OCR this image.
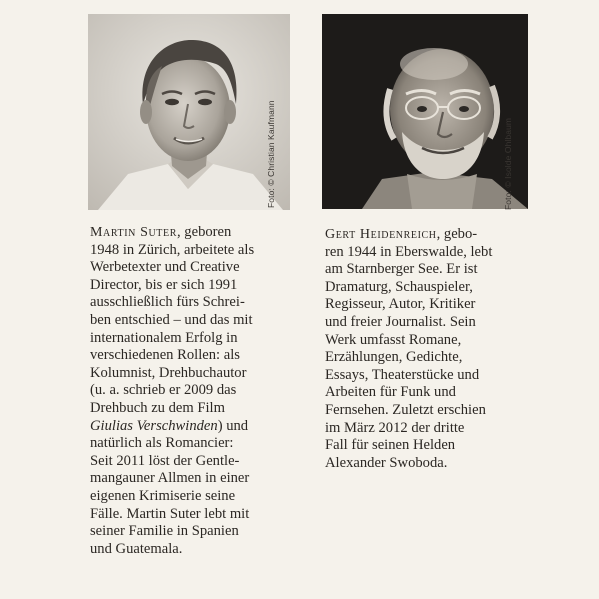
Foto: © Christian Kaufmann	Foto: © Isolde Ohlbaum
Martin Suter, geboren
1948 in Zürich, arbeitete als
Werbetexter und Creative
Director, bis er sich 1991
ausschließlich fürs Schrei-
ben entschied – und das mit
internationalem Erfolg in
verschiedenen Rollen: als
Kolumnist, Drehbuchautor
(u. a. schrieb er 2009 das
Drehbuch zu dem Film
Giulias Verschwinden) und
natürlich als Romancier:
Seit 2011 löst der Gentle-
mangauner Allmen in einer
eigenen Krimiserie seine
Fälle. Martin Suter lebt mit
seiner Familie in Spanien
und Guatemala.
Gert Heidenreich, gebo-
ren 1944 in Eberswalde, lebt
am Starnberger See. Er ist
Dramaturg, Schauspieler,
Regisseur, Autor, Kritiker
und freier Journalist. Sein
Werk umfasst Romane,
Erzählungen, Gedichte,
Essays, Theaterstücke und
Arbeiten für Funk und
Fernsehen. Zuletzt erschien
im März 2012 der dritte
Fall für seinen Helden
Alexander Swoboda.
